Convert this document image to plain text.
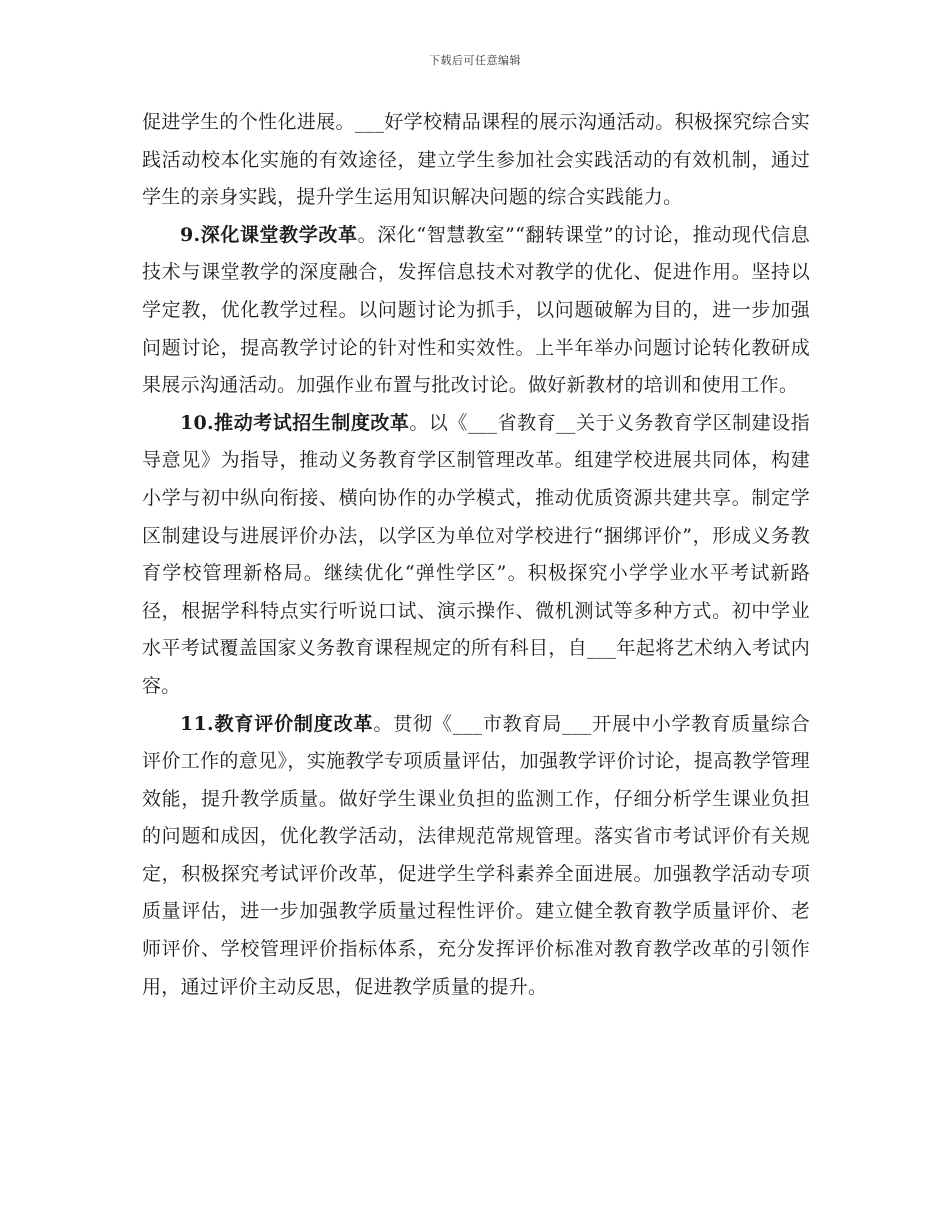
下载后可任意编辑

促进学生的个性化进展。___好学校精品课程的展示沟通活动。积极探究综合实践活动校本化实施的有效途径，建立学生参加社会实践活动的有效机制，通过学生的亲身实践，提升学生运用知识解决问题的综合实践能力。

9.深化课堂教学改革。深化“智慧教室”“翻转课堂”的讨论，推动现代信息技术与课堂教学的深度融合，发挥信息技术对教学的优化、促进作用。坚持以学定教，优化教学过程。以问题讨论为抓手，以问题破解为目的，进一步加强问题讨论，提高教学讨论的针对性和实效性。上半年举办问题讨论转化教研成果展示沟通活动。加强作业布置与批改讨论。做好新教材的培训和使用工作。

10.推动考试招生制度改革。以《___省教育__关于义务教育学区制建设指导意见》为指导，推动义务教育学区制管理改革。组建学校进展共同体，构建小学与初中纵向衔接、横向协作的办学模式，推动优质资源共建共享。制定学区制建设与进展评价办法，以学区为单位对学校进行“捆绑评价”，形成义务教育学校管理新格局。继续优化“弹性学区”。积极探究小学学业水平考试新路径，根据学科特点实行听说口试、演示操作、微机测试等多种方式。初中学业水平考试覆盖国家义务教育课程规定的所有科目，自___年起将艺术纳入考试内容。

11.教育评价制度改革。贯彻《___市教育局___开展中小学教育质量综合评价工作的意见》，实施教学专项质量评估，加强教学评价讨论，提高教学管理效能，提升教学质量。做好学生课业负担的监测工作，仔细分析学生课业负担的问题和成因，优化教学活动，法律规范常规管理。落实省市考试评价有关规定，积极探究考试评价改革，促进学生学科素养全面进展。加强教学活动专项质量评估，进一步加强教学质量过程性评价。建立健全教育教学质量评价、老师评价、学校管理评价指标体系，充分发挥评价标准对教育教学改革的引领作用，通过评价主动反思，促进教学质量的提升。
